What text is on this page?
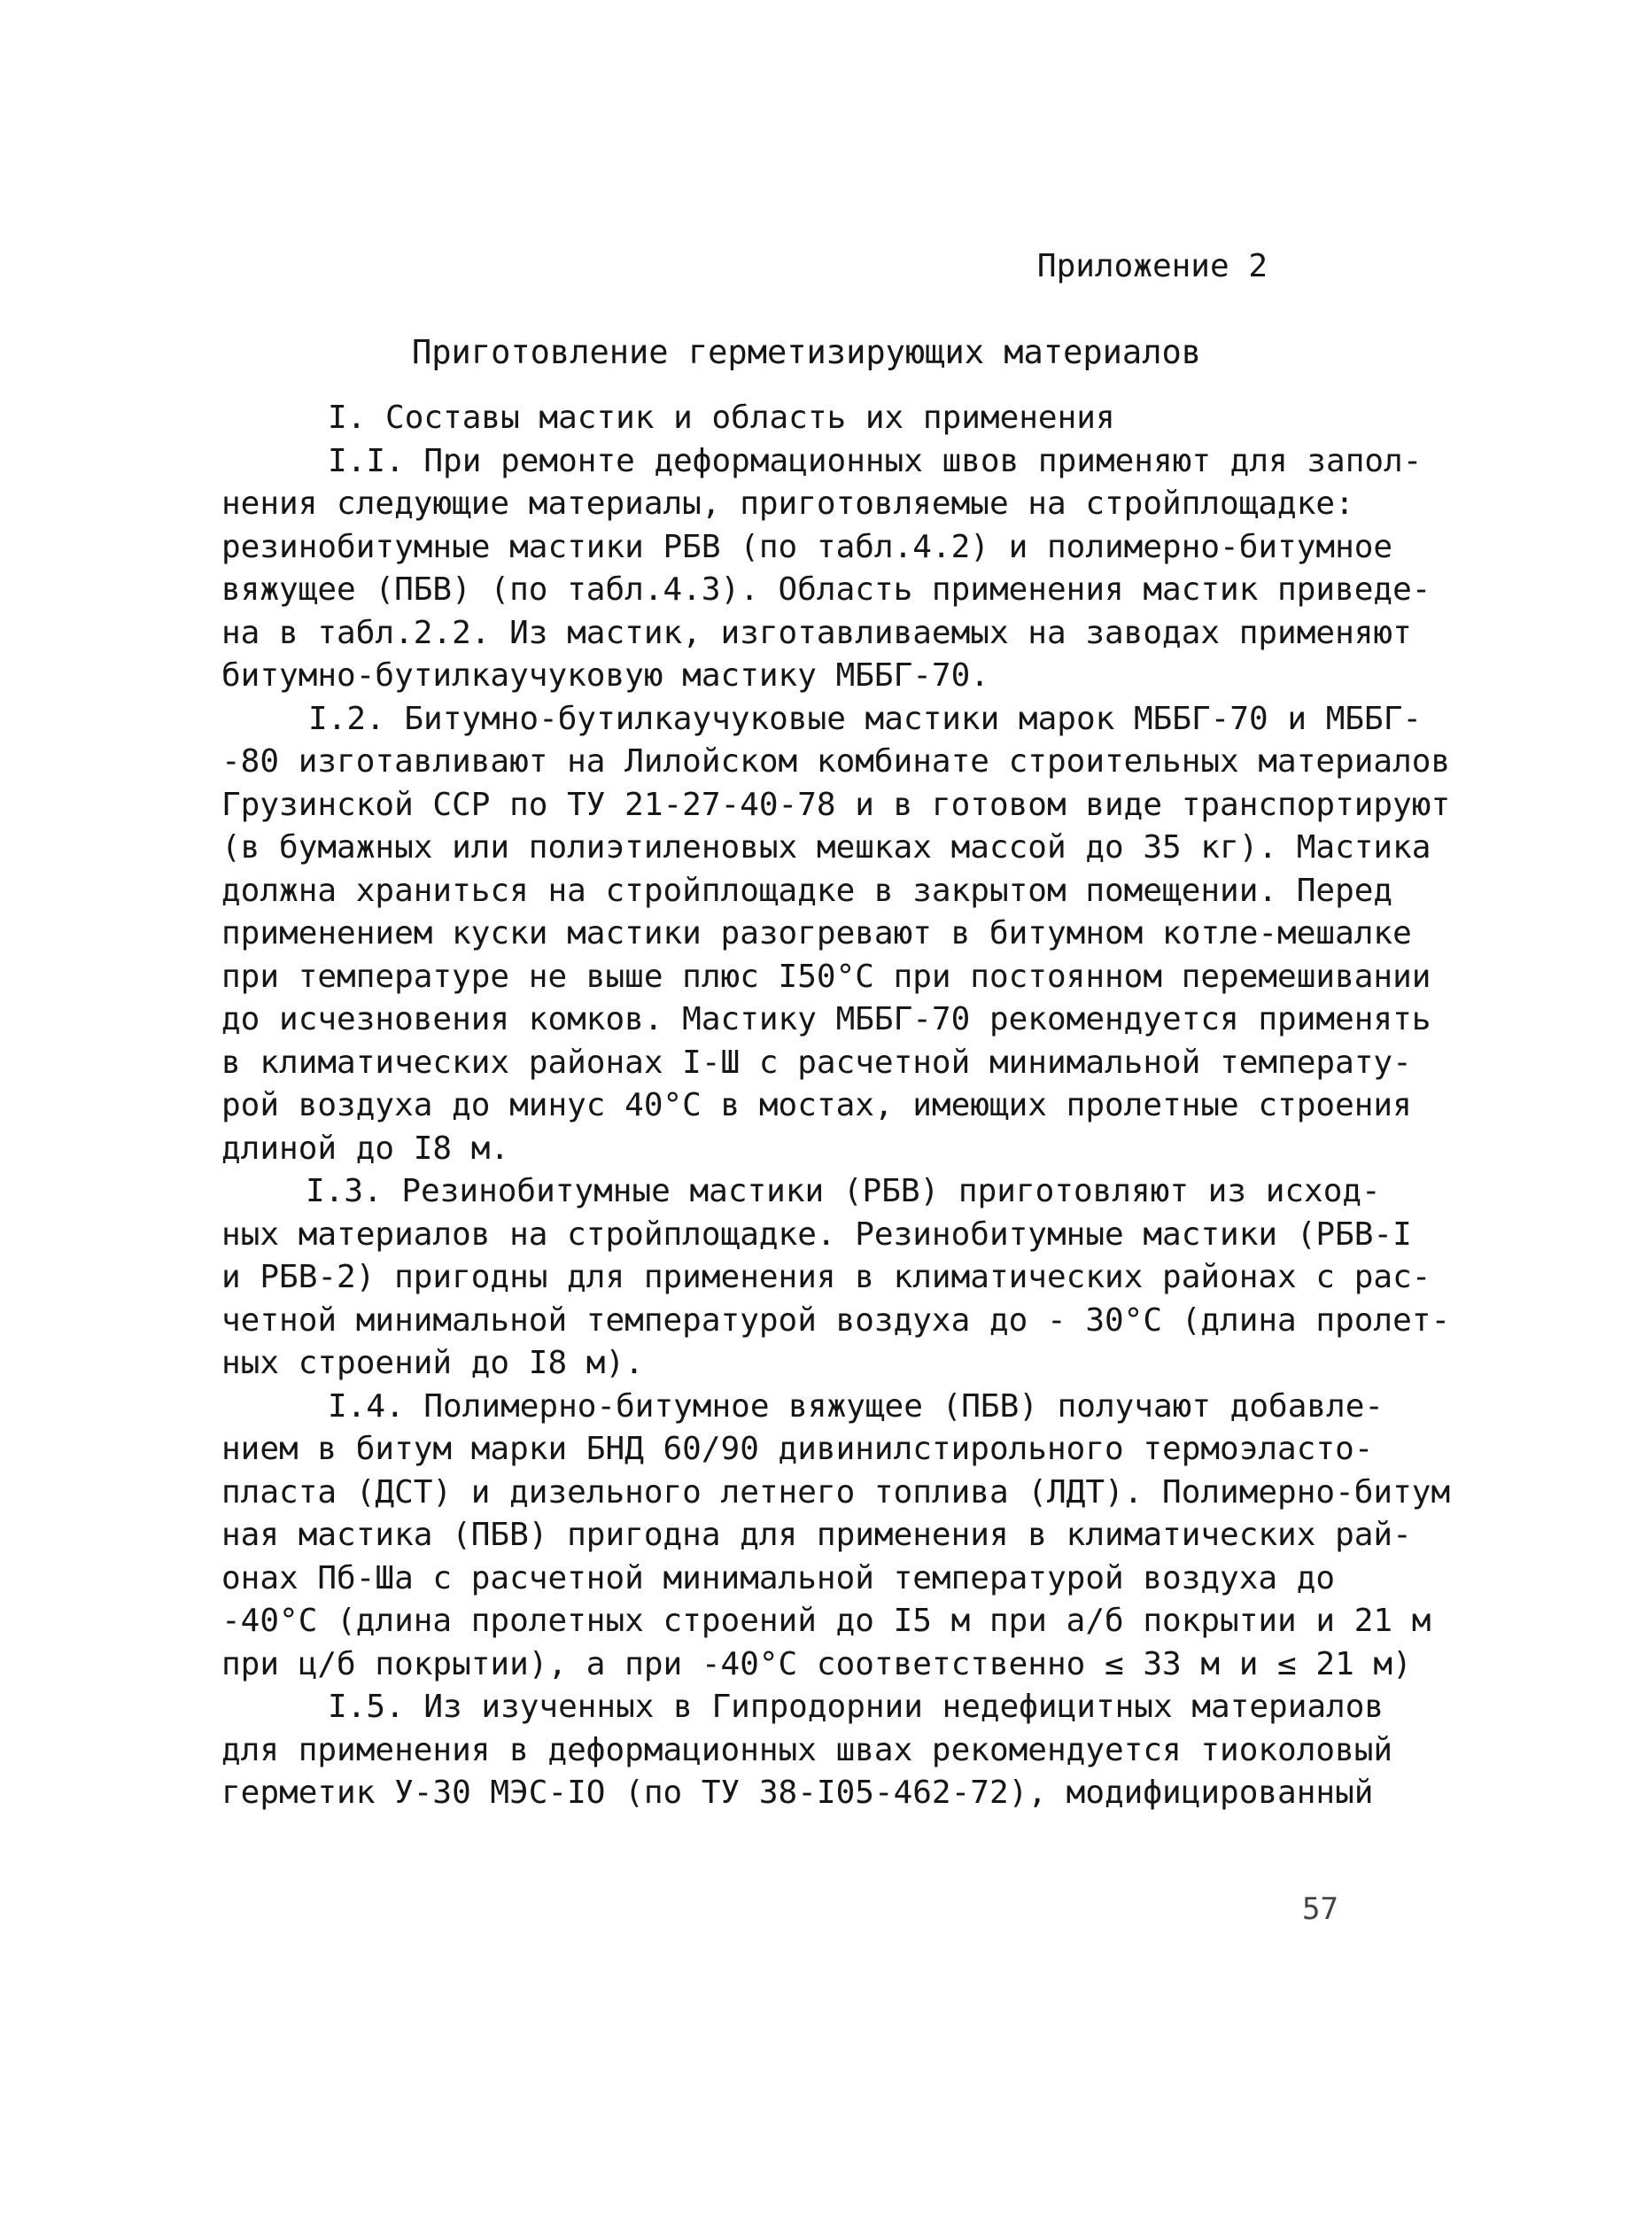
Приложение 2
Приготовление герметизирующих материалов
I. Составы мастик и область их применения
I.I. При ремонте деформационных швов применяют для запол-
нения следующие материалы, приготовляемые на стройплощадке:
резинобитумные мастики РБВ (по табл.4.2) и полимерно-битумное
вяжущее (ПБВ) (по табл.4.3). Область применения мастик приведе-
на в табл.2.2. Из мастик, изготавливаемых на заводах применяют
битумно-бутилкаучуковую мастику МББГ-70.
I.2. Битумно-бутилкаучуковые мастики марок МББГ-70 и МББГ-
-80 изготавливают на Лилойском комбинате строительных материалов
Грузинской ССР по ТУ 21-27-40-78 и в готовом виде транспортируют
(в бумажных или полиэтиленовых мешках массой до 35 кг). Мастика
должна храниться на стройплощадке в закрытом помещении. Перед
применением куски мастики разогревают в битумном котле-мешалке
при температуре не выше плюс I50°С при постоянном перемешивании
до исчезновения комков. Мастику МББГ-70 рекомендуется применять
в климатических районах I-Ш с расчетной минимальной температу-
рой воздуха до минус 40°С в мостах, имеющих пролетные строения
длиной до I8 м.
I.3. Резинобитумные мастики (РБВ) приготовляют из исход-
ных материалов на стройплощадке. Резинобитумные мастики (РБВ-I
и РБВ-2) пригодны для применения в климатических районах с рас-
четной минимальной температурой воздуха до - 30°С (длина пролет-
ных строений до I8 м).
I.4. Полимерно-битумное вяжущее (ПБВ) получают добавле-
нием в битум марки БНД 60/90 дивинилстирольного термоэласто-
пласта (ДСТ) и дизельного летнего топлива (ЛДТ). Полимерно-битум
ная мастика (ПБВ) пригодна для применения в климатических рай-
онах Пб-Шa с расчетной минимальной температурой воздуха до
-40°С (длина пролетных строений до I5 м при а/б покрытии и 21 м
при ц/б покрытии), а при -40°С соответственно ≤ 33 м и ≤ 21 м)
I.5. Из изученных в Гипродорнии недефицитных материалов
для применения в деформационных швах рекомендуется тиоколовый
герметик У-30 МЭС-IO (по ТУ 38-I05-462-72), модифицированный
57
